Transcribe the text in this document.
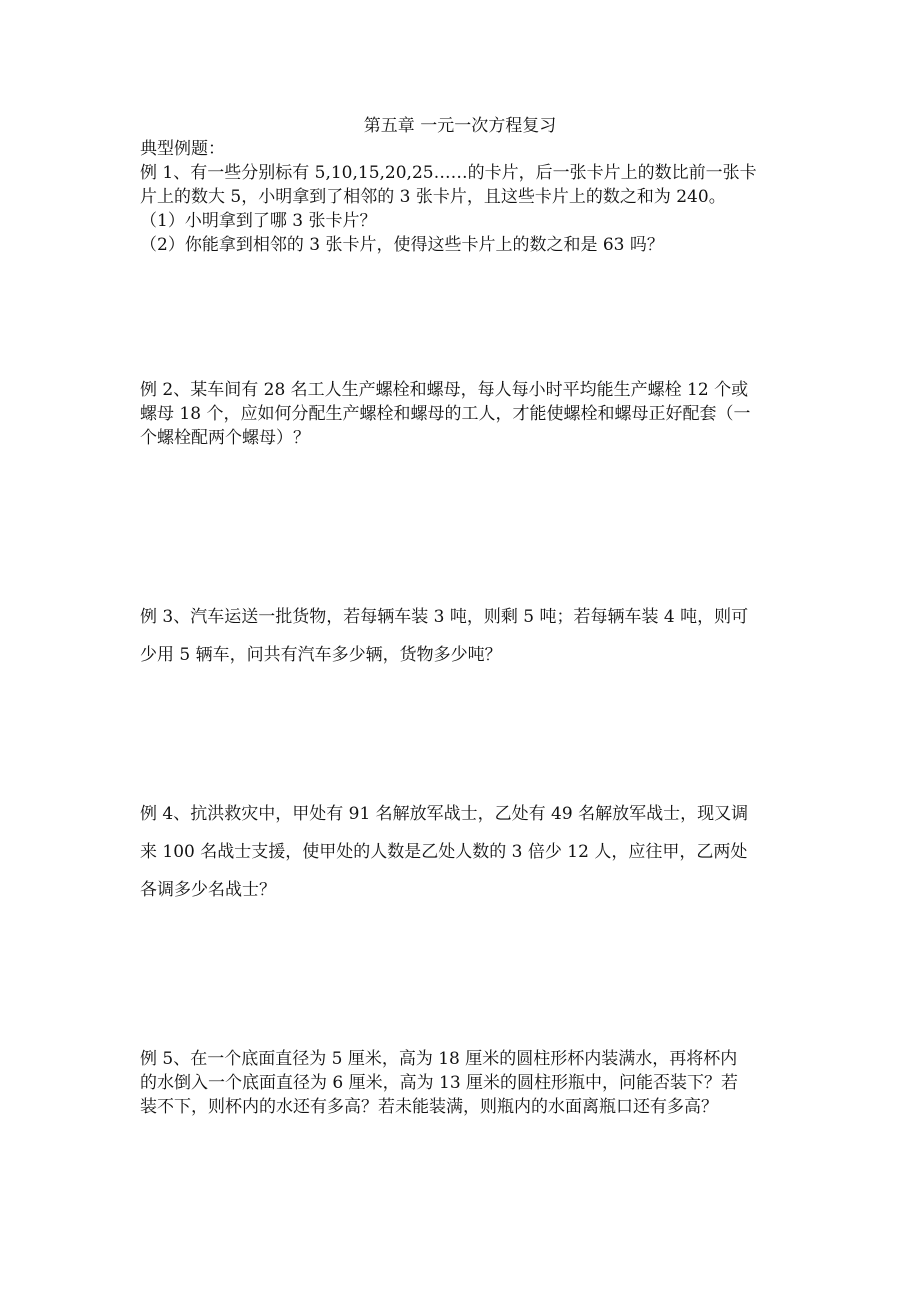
第五章 一元一次方程复习

典型例题：

例 1、有一些分别标有 5,10,15,20,25……的卡片，后一张卡片上的数比前一张卡

片上的数大 5，小明拿到了相邻的 3 张卡片，且这些卡片上的数之和为 240。

（1）小明拿到了哪 3 张卡片？

（2）你能拿到相邻的 3 张卡片，使得这些卡片上的数之和是 63 吗？

例 2、某车间有 28 名工人生产螺栓和螺母，每人每小时平均能生产螺栓 12 个或

螺母 18 个，应如何分配生产螺栓和螺母的工人，才能使螺栓和螺母正好配套（一

个螺栓配两个螺母）？

例 3、汽车运送一批货物，若每辆车装 3 吨，则剩 5 吨；若每辆车装 4 吨，则可

少用 5 辆车，问共有汽车多少辆，货物多少吨？

例 4、抗洪救灾中，甲处有 91 名解放军战士，乙处有 49 名解放军战士，现又调

来 100 名战士支援，使甲处的人数是乙处人数的 3 倍少 12 人，应往甲，乙两处

各调多少名战士？

例 5、在一个底面直径为 5 厘米，高为 18 厘米的圆柱形杯内装满水，再将杯内

的水倒入一个底面直径为 6 厘米，高为 13 厘米的圆柱形瓶中，问能否装下？若

装不下，则杯内的水还有多高？若未能装满，则瓶内的水面离瓶口还有多高？
